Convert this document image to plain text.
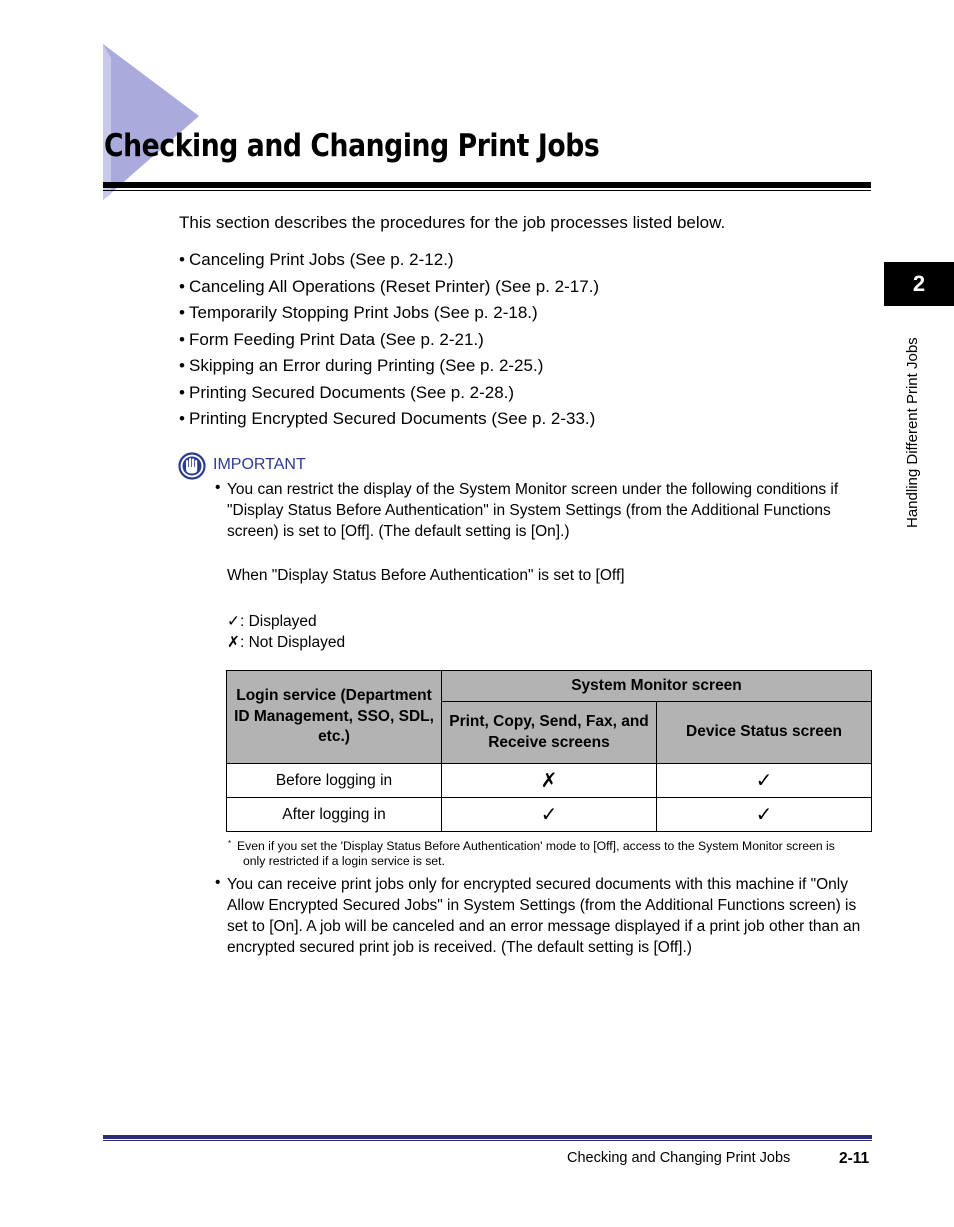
Checking and Changing Print Jobs
2
Handling Different Print Jobs

This section describes the procedures for the job processes listed below.

• Canceling Print Jobs (See p. 2-12.)
• Canceling All Operations (Reset Printer) (See p. 2-17.)
• Temporarily Stopping Print Jobs (See p. 2-18.)
• Form Feeding Print Data (See p. 2-21.)
• Skipping an Error during Printing (See p. 2-25.)
• Printing Secured Documents (See p. 2-28.)
• Printing Encrypted Secured Documents (See p. 2-33.)
IMPORTANT
• You can restrict the display of the System Monitor screen under the following conditions if "Display Status Before Authentication" in System Settings (from the Additional Functions screen) is set to [Off]. (The default setting is [On].)

When "Display Status Before Authentication" is set to [Off]
✓: Displayed
✗: Not Displayed
Login service (Department ID Management, SSO, SDL, etc.)	System Monitor screen	
	Print, Copy, Send, Fax, and Receive screens	Device Status screen
Before logging in	✗	✓
After logging in	✓	✓
* Even if you set the 'Display Status Before Authentication' mode to [Off], access to the System Monitor screen is
only restricted if a login service is set.

• You can receive print jobs only for encrypted secured documents with this machine if "Only Allow Encrypted Secured Jobs" in System Settings (from the Additional Functions screen) is set to [On]. A job will be canceled and an error message displayed if a print job other than an encrypted secured print job is received. (The default setting is [Off].)

Checking and Changing Print Jobs	2-11
